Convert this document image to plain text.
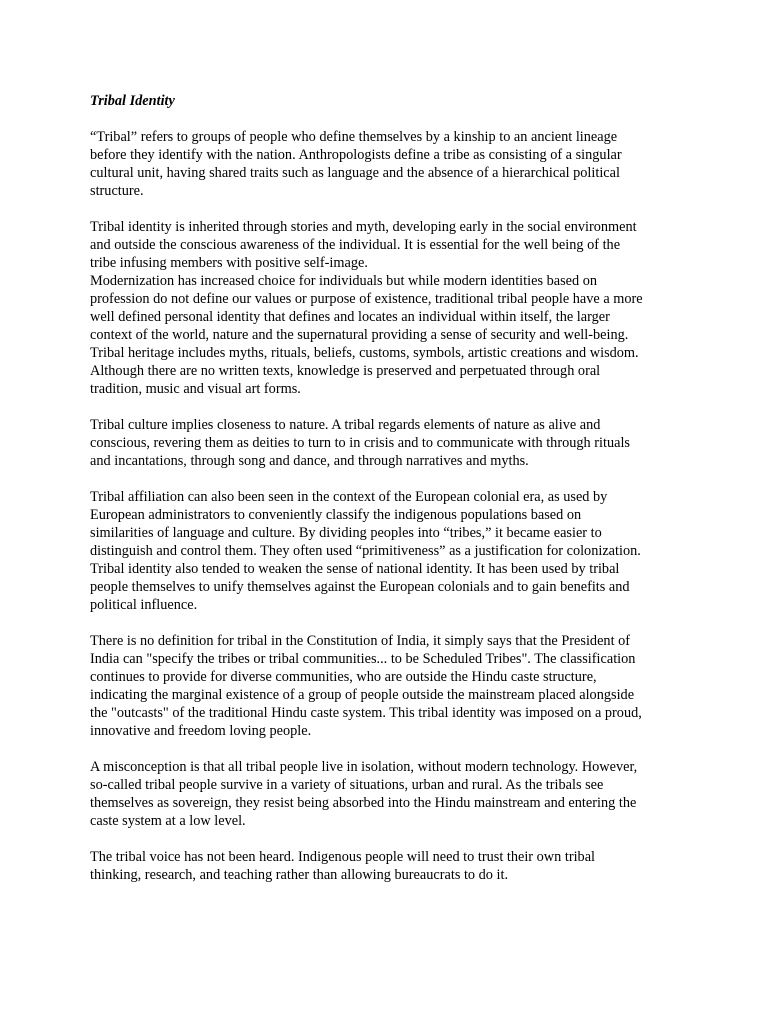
Tribal Identity
“Tribal” refers to groups of people who define themselves by a kinship to an ancient lineage
before they identify with the nation. Anthropologists define a tribe as consisting of a singular
cultural unit, having shared traits such as language and the absence of a hierarchical political
structure.
Tribal identity is inherited through stories and myth, developing early in the social environment
and outside the conscious awareness of the individual. It is essential for the well being of the
tribe infusing members with positive self-image.
Modernization has increased choice for individuals but while modern identities based on
profession do not define our values or purpose of existence, traditional tribal people have a more
well defined personal identity that defines and locates an individual within itself, the larger
context of the world, nature and the supernatural providing a sense of security and well-being.
Tribal heritage includes myths, rituals, beliefs, customs, symbols, artistic creations and wisdom.
Although there are no written texts, knowledge is preserved and perpetuated through oral
tradition, music and visual art forms.
Tribal culture implies closeness to nature. A tribal regards elements of nature as alive and
conscious, revering them as deities to turn to in crisis and to communicate with through rituals
and incantations, through song and dance, and through narratives and myths.
Tribal affiliation can also been seen in the context of the European colonial era, as used by
European administrators to conveniently classify the indigenous populations based on
similarities of language and culture. By dividing peoples into “tribes,” it became easier to
distinguish and control them. They often used “primitiveness” as a justification for colonization.
Tribal identity also tended to weaken the sense of national identity. It has been used by tribal
people themselves to unify themselves against the European colonials and to gain benefits and
political influence.
There is no definition for tribal in the Constitution of India, it simply says that the President of
India can "specify the tribes or tribal communities... to be Scheduled Tribes". The classification
continues to provide for diverse communities, who are outside the Hindu caste structure,
indicating the marginal existence of a group of people outside the mainstream placed alongside
the "outcasts" of the traditional Hindu caste system. This tribal identity was imposed on a proud,
innovative and freedom loving people.
A misconception is that all tribal people live in isolation, without modern technology. However,
so-called tribal people survive in a variety of situations, urban and rural. As the tribals see
themselves as sovereign, they resist being absorbed into the Hindu mainstream and entering the
caste system at a low level.
The tribal voice has not been heard. Indigenous people will need to trust their own tribal
thinking, research, and teaching rather than allowing bureaucrats to do it.
